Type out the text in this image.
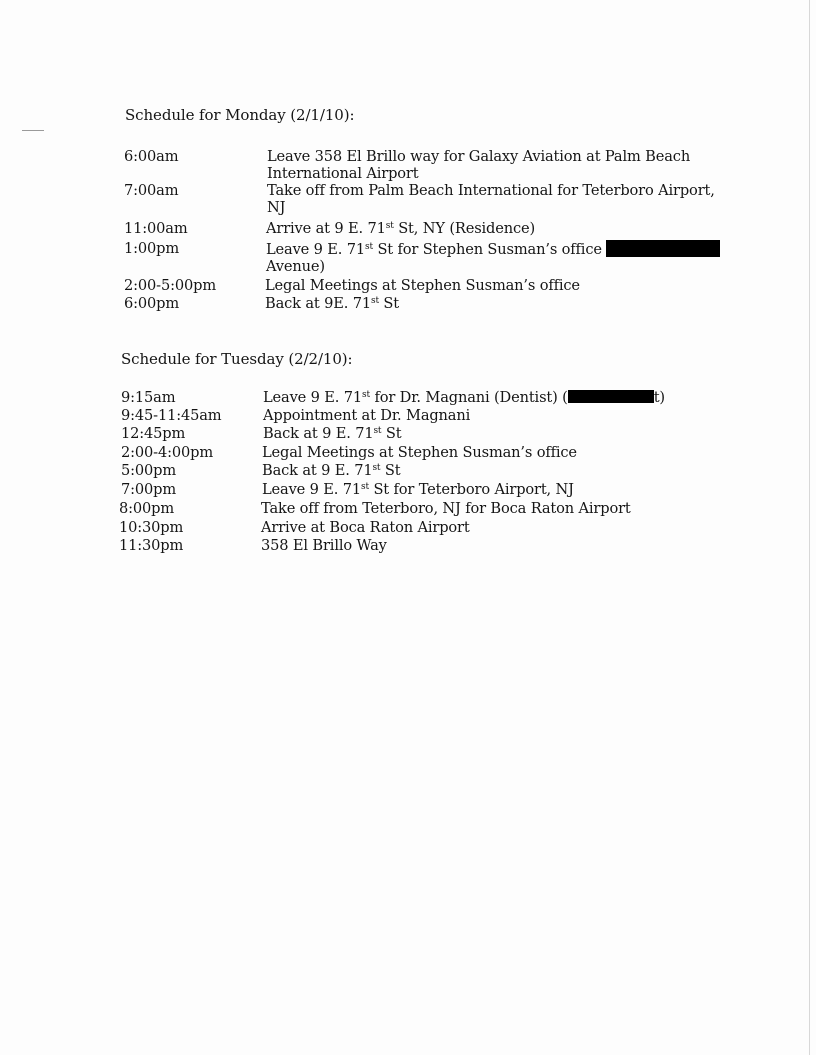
Schedule for Monday (2/1/10):
6:00am	Leave 358 El Brillo way for Galaxy Aviation at Palm Beach
International Airport
7:00am	Take off from Palm Beach International for Teterboro Airport,
NJ
11:00am	Arrive at 9 E. 71st St, NY (Residence)
1:00pm	Leave 9 E. 71st St for Stephen Susman’s office
Avenue)
2:00-5:00pm	Legal Meetings at Stephen Susman’s office
6:00pm	Back at 9E. 71st St
Schedule for Tuesday (2/2/10):
9:15am	Leave 9 E. 71st for Dr. Magnani (Dentist) (	t)
9:45-11:45am	Appointment at Dr. Magnani
12:45pm	Back at 9 E. 71st St
2:00-4:00pm	Legal Meetings at Stephen Susman’s office
5:00pm	Back at 9 E. 71st St
7:00pm	Leave 9 E. 71st St for Teterboro Airport, NJ
8:00pm	Take off from Teterboro, NJ for Boca Raton Airport
10:30pm	Arrive at Boca Raton Airport
11:30pm	358 El Brillo Way
